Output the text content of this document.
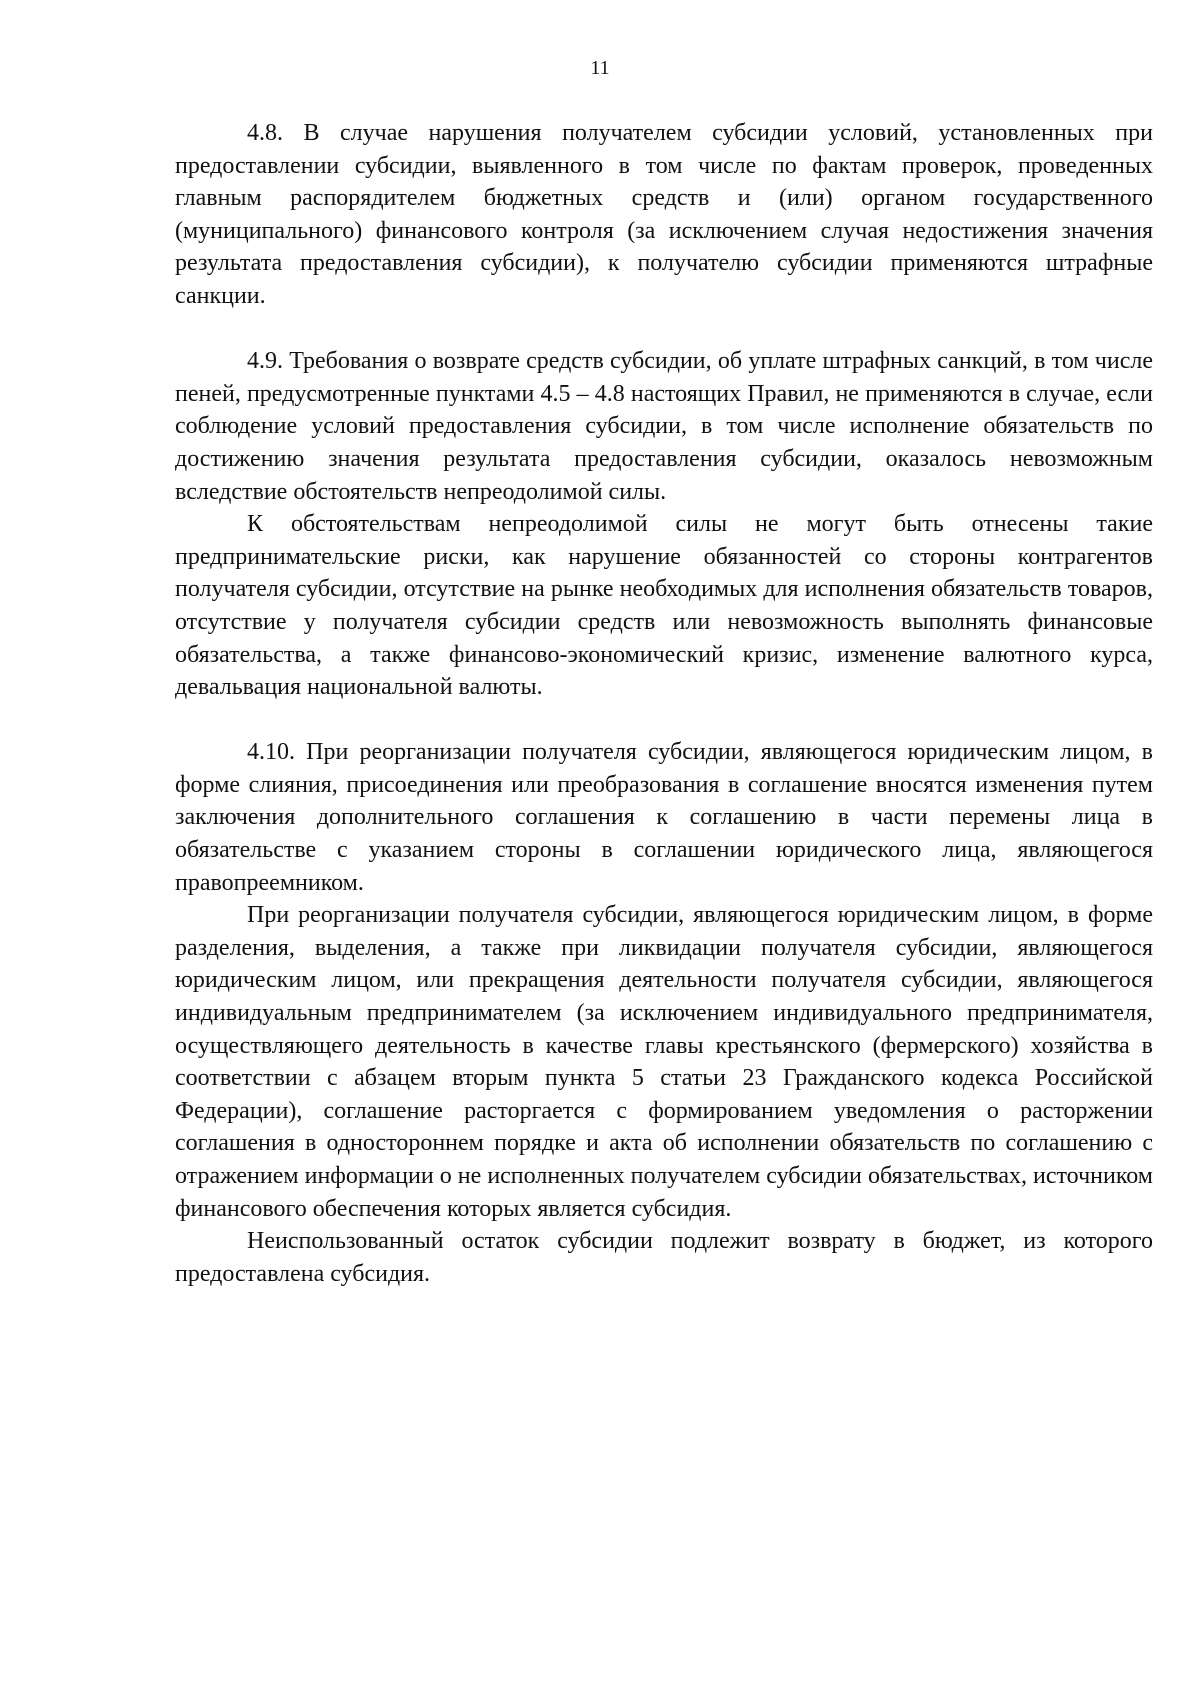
11

4.8. В случае нарушения получателем субсидии условий, установленных при предоставлении субсидии, выявленного в том числе по фактам проверок, проведенных главным распорядителем бюджетных средств и (или) органом государственного (муниципального) финансового контроля (за исключением случая недостижения значения результата предоставления субсидии), к получателю субсидии применяются штрафные санкции.

4.9. Требования о возврате средств субсидии, об уплате штрафных санкций, в том числе пеней, предусмотренные пунктами 4.5 – 4.8 настоящих Правил, не применяются в случае, если соблюдение условий предоставления субсидии, в том числе исполнение обязательств по достижению значения результата предоставления субсидии, оказалось невозможным вследствие обстоятельств непреодолимой силы.

К обстоятельствам непреодолимой силы не могут быть отнесены такие предпринимательские риски, как нарушение обязанностей со стороны контрагентов получателя субсидии, отсутствие на рынке необходимых для исполнения обязательств товаров, отсутствие у получателя субсидии средств или невозможность выполнять финансовые обязательства, а также финансово-экономический кризис, изменение валютного курса, девальвация национальной валюты.

4.10. При реорганизации получателя субсидии, являющегося юридическим лицом, в форме слияния, присоединения или преобразования в соглашение вносятся изменения путем заключения дополнительного соглашения к соглашению в части перемены лица в обязательстве с указанием стороны в соглашении юридического лица, являющегося правопреемником.

При реорганизации получателя субсидии, являющегося юридическим лицом, в форме разделения, выделения, а также при ликвидации получателя субсидии, являющегося юридическим лицом, или прекращения деятельности получателя субсидии, являющегося индивидуальным предпринимателем (за исключением индивидуального предпринимателя, осуществляющего деятельность в качестве главы крестьянского (фермерского) хозяйства в соответствии с абзацем вторым пункта 5 статьи 23 Гражданского кодекса Российской Федерации), соглашение расторгается с формированием уведомления о расторжении соглашения в одностороннем порядке и акта об исполнении обязательств по соглашению с отражением информации о не исполненных получателем субсидии обязательствах, источником финансового обеспечения которых является субсидия.

Неиспользованный остаток субсидии подлежит возврату в бюджет, из которого предоставлена субсидия.
